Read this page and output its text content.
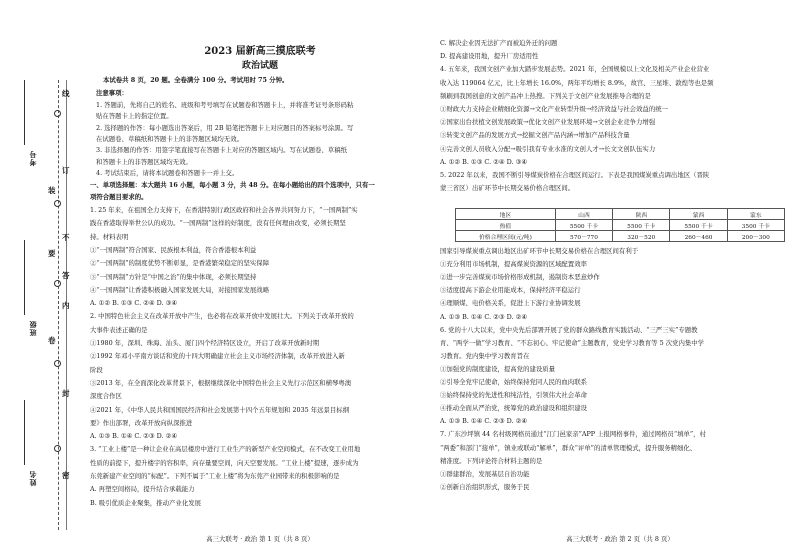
线
订
不
答
内
封
密
装
要
卷
考号
班级
姓名
2023 届新高三摸底联考
政治试题
本试卷共 8 页，20 题。全卷满分 100 分。考试用时 75 分钟。
注意事项：
1. 答题前，先将自己的姓名、班级和考号填写在试题卷和答题卡上，并将准考证号条形码粘
贴在答题卡上的指定位置。
2. 选择题的作答：每小题选出答案后，用 2B 铅笔把答题卡上对应题目的答案标号涂黑。写
在试题卷、草稿纸和答题卡上的非答题区域均无效。
3. 非选择题的作答：用签字笔直接写在答题卡上对应的答题区域内。写在试题卷、草稿纸
和答题卡上的非答题区域均无效。
4. 考试结束后，请将本试题卷和答题卡一并上交。
一、单项选择题：本大题共 16 小题，每小题 3 分，共 48 分。在每小题给出的四个选项中，只有一
项符合题目要求的。
1. 25 年来，在祖国全力支持下，在香港特别行政区政府和社会各界共同努力下，“一国两制”实
践在香港取得举世公认的成功。“一国两制”这样的好制度，没有任何理由改变，必须长期坚
持。材料表明
①“一国两制”符合国家、民族根本利益，符合香港根本利益
②“一国两制”的制度优势不断彰显，是香港繁荣稳定的坚实保障
③“一国两制”方针是“中国之治”的集中体现，必须长期坚持
④“一国两制”让香港积极融入国家发展大局，对接国家发展战略
A. ①② B. ①③ C. ②④ D. ③④
2. 中国特色社会主义在改革开放中产生，也必将在改革开放中发展壮大。下列关于改革开放的
大事件表述正确的是
①1980 年，深圳、珠海、汕头、厦门四个经济特区设立，开启了改革开放新时期
②1992 年邓小平南方谈话和党的十四大明确建立社会主义市场经济体制，改革开放进入新
阶段
③2013 年，在全面深化改革背景下，根据继续深化中国特色社会主义先行示范区和横琴粤澳
深度合作区
④2021 年，《中华人民共和国国民经济和社会发展第十四个五年规划和 2035 年远景目标纲
要》作出部署，改革开放向纵深推进
A. ①③ B. ①④ C. ②③ D. ②④
3. “工业上楼”是一种让企业在高层楼房中进行工业生产的新型产业空间模式，在不改变工业用地
性质的前提下，提升楼宇的容积率，向存量要空间，向天空要发展。“工业上楼”提速，逐步成为
东莞新建产业空间的“标配”。下列不属于“工业上楼”将为东莞产业园带来的积极影响的是
A. 再塑空间格局，提升结合承载能力
B. 吸引优质企业聚集，推动产业化发展
C. 解决企业因无法扩产而被迫外迁的问题
D. 提高建设用地，提升厂房适用性
4. 五年来，我国文创产业加大踏步发展态势。2021 年，全国规模以上文化及相关产业企业营业
收入达 119064 亿元，比上年增长 16.0%，两年平均增长 8.9%，故宫、三星堆、敦煌等也是频
频刷到我国创意的文创产品冲上热搜。下列关于文创产业发展推导合理的是
①财政大力支持企业精细化资源→文化产业转型升级→经济效益与社会效益的统一
②国家出台扶植文创发展政策→优化文创产业发展环境→文创企业竞争力增强
③转变文创产品的发展方式→挖掘文创产品内涵→增加产品科技含量
④完善文创人员收入分配→吸引我有专业水准的文创人才→长文文创队伍实力
A. ①② B. ①③ C. ②④ D. ③④
5. 2022 年以来，我国不断引导煤炭价格在合理区间运行。下表是我国煤炭重点调出地区（晋陕
蒙三省区）出矿环节中长期交易价格合理区间。
地区	山西	陕西	蒙西	蒙东
热值	5500 千卡	5500 千卡	5500 千卡	3500 千卡
价格合理区间(元/吨)	570－770	320－520	260－460	200－300
国家引导煤炭重点调出地区出矿环节中长期交易价格在合理区间有利于
①充分利用市场机制，提高煤炭资源的区域配置效率
②进一步完善煤炭市场价格形成机制，遏制资本恶意炒作
③适度提高下游企业用能成本，保持经济平稳运行
④理顺煤、电价格关系，促进上下游行业协调发展
A. ①③ B. ①④ C. ②③ D. ②④
6. 党的十八大以来，党中央先后部署开展了党的群众路线教育实践活动、“三严三实”专题教
育、“两学一做”学习教育、“不忘初心、牢记使命”主题教育，党史学习教育等 5 次党内集中学
习教育。党内集中学习教育旨在
①加强党的制度建设，提高党的建设质量
②引导全党牢记使命，始终保持党同人民的血肉联系
③始终保持党的先进性和纯洁性，引领伟大社会革命
④推动全面从严治党，统筹党的政治建设和组织建设
A. ①③ B. ①④ C. ②③ D. ②④
7. 广东沙坪镇 44 名村级网格员通过“江门邑家亲”APP 上报网格事件，通过网格员“填单”，村
“两委”和部门“接单”，镇业或联动“解单”，群众“评单”的清单管理模式，提升服务精细化、
精准度。下列评论符合材料主题的是
①群建群治，发展基层自治功能
②创新自治组织形式，服务于民
高三大联考 · 政治 第 1 页（共 8 页）	高三大联考 · 政治 第 2 页（共 8 页）
